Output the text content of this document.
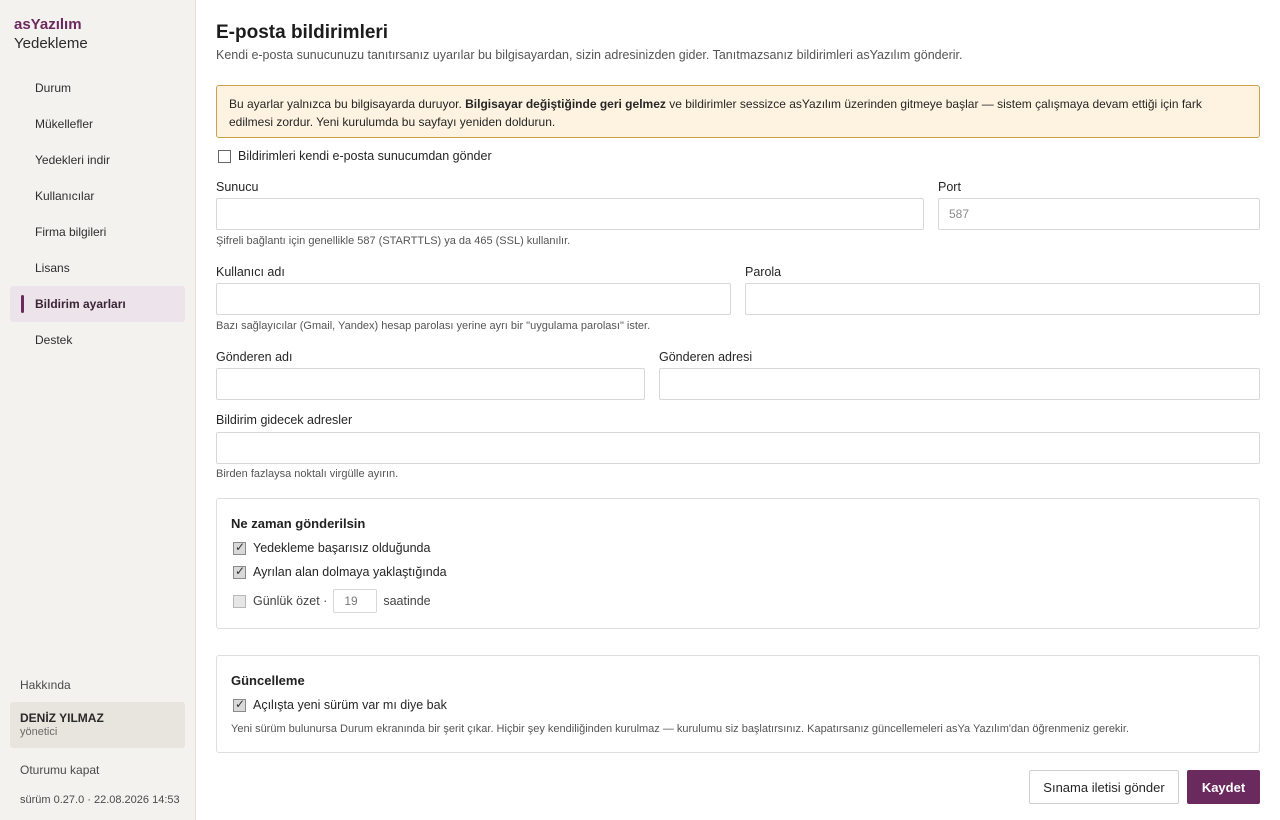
asYazılım
Yedekleme
Durum
Mükellefler
Yedekleri indir
Kullanıcılar
Firma bilgileri
Lisans
Bildirim ayarları
Destek
Hakkında
DENİZ YILMAZ
yönetici
Oturumu kapat
sürüm 0.27.0 · 22.08.2026 14:53
E-posta bildirimleri

Kendi e-posta sunucunuzu tanıtırsanız uyarılar bu bilgisayardan, sizin adresinizden gider. Tanıtmazsanız bildirimleri asYazılım gönderir.

Bu ayarlar yalnızca bu bilgisayarda duruyor. Bilgisayar değiştiğinde geri gelmez ve bildirimler sessizce asYazılım üzerinden gitmeye başlar — sistem çalışmaya devam ettiği için fark edilmesi zordur. Yeni kurulumda bu sayfayı yeniden doldurun.
Bildirimleri kendi e-posta sunucumdan gönder
Sunucu	Port
587
Şifreli bağlantı için genellikle 587 (STARTTLS) ya da 465 (SSL) kullanılır.
Kullanıcı adı	Parola
Bazı sağlayıcılar (Gmail, Yandex) hesap parolası yerine ayrı bir "uygulama parolası" ister.
Gönderen adı	Gönderen adresi
Bildirim gidecek adresler
Birden fazlaysa noktalı virgülle ayırın.
Ne zaman gönderilsin
✓
Yedekleme başarısız olduğunda
✓
Ayrılan alan dolmaya yaklaştığında
Günlük özet ·
19	saatinde
Güncelleme
✓
Açılışta yeni sürüm var mı diye bak
Yeni sürüm bulunursa Durum ekranında bir şerit çıkar. Hiçbir şey kendiliğinden kurulmaz — kurulumu siz başlatırsınız. Kapatırsanız güncellemeleri asYa Yazılım'dan öğrenmeniz gerekir.
Sınama iletisi gönder	Kaydet
